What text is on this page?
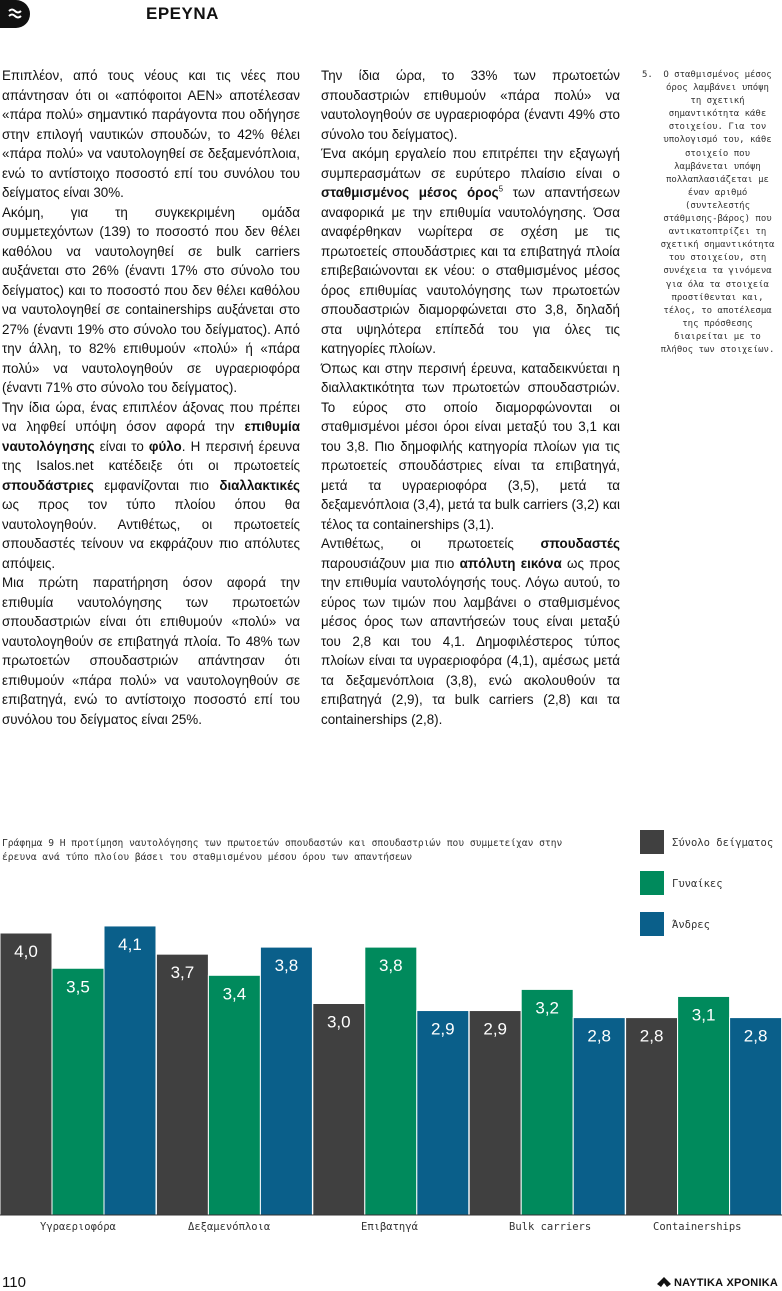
ΕΡΕΥΝΑ

Επιπλέον, από τους νέους και τις νέες που απάντησαν ότι οι «απόφοιτοι ΑΕΝ» αποτέλεσαν «πάρα πολύ» σημαντικό παράγοντα που οδήγησε στην επιλογή ναυτικών σπουδών, το 42% θέλει «πάρα πολύ» να ναυτολογηθεί σε δεξαμενόπλοια, ενώ το αντίστοιχο ποσοστό επί του συνόλου του δείγματος είναι 30%.

Ακόμη, για τη συγκεκριμένη ομάδα συμμετεχόντων (139) το ποσοστό που δεν θέλει καθόλου να ναυτολογηθεί σε bulk carriers αυξάνεται στο 26% (έναντι 17% στο σύνολο του δείγματος) και το ποσοστό που δεν θέλει καθόλου να ναυτολογηθεί σε containerships αυξάνεται στο 27% (έναντι 19% στο σύνολο του δείγματος). Από την άλλη, το 82% επιθυμούν «πολύ» ή «πάρα πολύ» να ναυτολογηθούν σε υγραεριοφόρα (έναντι 71% στο σύνολο του δείγματος).

Την ίδια ώρα, ένας επιπλέον άξονας που πρέπει να ληφθεί υπόψη όσον αφορά την επιθυμία ναυτολόγησης είναι το φύλο. Η περσινή έρευνα της Isalos.net κατέδειξε ότι οι πρωτοετείς σπουδάστριες εμφανίζονται πιο διαλλακτικές ως προς τον τύπο πλοίου όπου θα ναυτολογηθούν. Αντιθέτως, οι πρωτοετείς σπουδαστές τείνουν να εκφράζουν πιο απόλυτες απόψεις.

Μια πρώτη παρατήρηση όσον αφορά την επιθυμία ναυτολόγησης των πρωτοετών σπουδαστριών είναι ότι επιθυμούν «πολύ» να ναυτολογηθούν σε επιβατηγά πλοία. Το 48% των πρωτοετών σπουδαστριών απάντησαν ότι επιθυμούν «πάρα πολύ» να ναυτολογηθούν σε επιβατηγά, ενώ το αντίστοιχο ποσοστό επί του συνόλου του δείγματος είναι 25%.

Την ίδια ώρα, το 33% των πρωτοετών σπουδαστριών επιθυμούν «πάρα πολύ» να ναυτολογηθούν σε υγραεριοφόρα (έναντι 49% στο σύνολο του δείγματος).

Ένα ακόμη εργαλείο που επιτρέπει την εξαγωγή συμπερασμάτων σε ευρύτερο πλαίσιο είναι ο σταθμισμένος μέσος όρος$^5$ των απαντήσεων αναφορικά με την επιθυμία ναυτολόγησης. Όσα αναφέρθηκαν νωρίτερα σε σχέση με τις πρωτοετείς σπουδάστριες και τα επιβατηγά πλοία επιβεβαιώνονται εκ νέου: ο σταθμισμένος μέσος όρος επιθυμίας ναυτολόγησης των πρωτοετών σπουδαστριών διαμορφώνεται στο 3,8, δηλαδή στα υψηλότερα επίπεδά του για όλες τις κατηγορίες πλοίων.

Όπως και στην περσινή έρευνα, καταδεικνύεται η διαλλακτικότητα των πρωτοετών σπουδαστριών. Το εύρος στο οποίο διαμορφώνονται οι σταθμισμένοι μέσοι όροι είναι μεταξύ του 3,1 και του 3,8. Πιο δημοφιλής κατηγορία πλοίων για τις πρωτοετείς σπουδάστριες είναι τα επιβατηγά, μετά τα υγραεριοφόρα (3,5), μετά τα δεξαμενόπλοια (3,4), μετά τα bulk carriers (3,2) και τέλος τα containerships (3,1).

Αντιθέτως, οι πρωτοετείς σπουδαστές παρουσιάζουν μια πιο απόλυτη εικόνα ως προς την επιθυμία ναυτολόγησής τους. Λόγω αυτού, το εύρος των τιμών που λαμβάνει ο σταθμισμένος μέσος όρος των απαντήσεών τους είναι μεταξύ του 2,8 και του 4,1. Δημοφιλέστερος τύπος πλοίων είναι τα υγραεριοφόρα (4,1), αμέσως μετά τα δεξαμενόπλοια (3,8), ενώ ακολουθούν τα επιβατηγά (2,9), τα bulk carriers (2,8) και τα containerships (2,8).

5.	Ο σταθμισμένος μέσος όρος λαμβάνει υπόψη τη σχετική σημαντικότητα κάθε στοιχείου. Για τον υπολογισμό του, κάθε στοιχείο που λαμβάνεται υπόψη πολλαπλασιάζεται με έναν αριθμό (συντελεστής στάθμισης-βάρος) που αντικατοπτρίζει τη σχετική σημαντικότητα του στοιχείου, στη συνέχεια τα γινόμενα για όλα τα στοιχεία προστίθενται και, τέλος, το αποτέλεσμα της πρόσθεσης διαιρείται με το πλήθος των στοιχείων.
Γράφημα 9 Η προτίμηση ναυτολόγησης των πρωτοετών σπουδαστών και σπουδαστριών που συμμετείχαν στην έρευνα ανά τύπο πλοίου βάσει του σταθμισμένου μέσου όρου των απαντήσεων
Σύνολο δείγματος
Γυναίκες
Άνδρες
4,0
3,5
4,1
3,7
3,4
3,8
3,0
3,8
2,9 2,9
3,2
2,8 2,8
3,1
2,8
Υγραεριοφόρα	Δεξαμενόπλοια	Επιβατηγά	Bulk carriers	Containerships
110	ΝΑΥΤΙΚΑ ΧΡΟΝΙΚΑ
